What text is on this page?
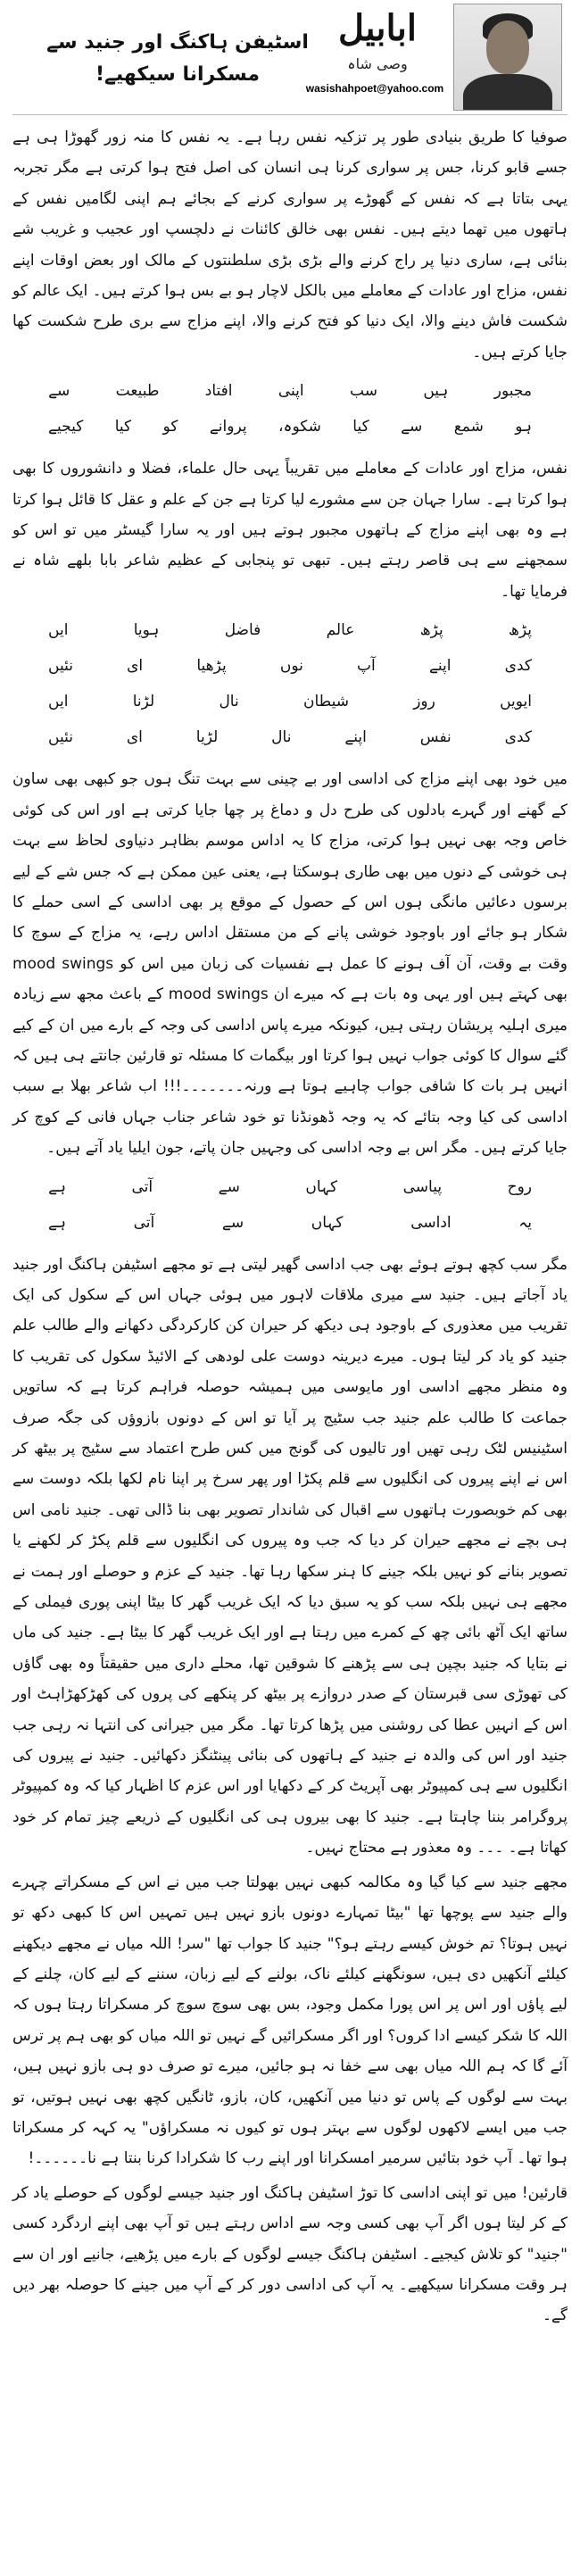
ابابیل
وصی شاہ
wasishahpoet@yahoo.com
اسٹیفن ہاکنگ اور جنید سے مسکرانا سیکھیے!

صوفیا کا طریق بنیادی طور پر تزکیہ نفس رہا ہے۔ یہ نفس کا منہ زور گھوڑا ہی ہے جسے قابو کرنا، جس پر سواری کرنا ہی انسان کی اصل فتح ہوا کرتی ہے مگر تجربہ یہی بتاتا ہے کہ نفس کے گھوڑے پر سواری کرنے کے بجائے ہم اپنی لگامیں نفس کے ہاتھوں میں تھما دیتے ہیں۔ نفس بھی خالق کائنات نے دلچسپ اور عجیب و غریب شے بنائی ہے، ساری دنیا پر راج کرنے والے بڑی بڑی سلطنتوں کے مالک اور بعض اوقات اپنے نفس، مزاج اور عادات کے معاملے میں بالکل لاچار ہو بے بس ہوا کرتے ہیں۔ ایک عالم کو شکست فاش دینے والا، ایک دنیا کو فتح کرنے والا، اپنے مزاج سے بری طرح شکست کھا جایا کرتے ہیں۔

مجبور
ہیں
سب
اپنی
افتاد
طبیعت
سے
ہو
شمع
سے
کیا
شکوہ،
پروانے
کو
کیا
کیجیے

نفس، مزاج اور عادات کے معاملے میں تقریباً یہی حال علماء، فضلا و دانشوروں کا بھی ہوا کرتا ہے۔ سارا جہان جن سے مشورے لیا کرتا ہے جن کے علم و عقل کا قائل ہوا کرتا ہے وہ بھی اپنے مزاج کے ہاتھوں مجبور ہوتے ہیں اور یہ سارا گیسٹر میں تو اس کو سمجھنے سے ہی قاصر رہتے ہیں۔ تبھی تو پنجابی کے عظیم شاعر بابا بلھے شاہ نے فرمایا تھا۔

پڑھ
پڑھ
عالم
فاضل
ہویا
ایں
کدی
اپنے
آپ
نوں
پڑھیا
ای
نئیں
ایویں
روز
شیطان
نال
لڑنا
ایں
کدی
نفس
اپنے
نال
لڑیا
ای
نئیں

میں خود بھی اپنے مزاج کی اداسی اور بے چینی سے بہت تنگ ہوں جو کبھی بھی ساون کے گھنے اور گہرے بادلوں کی طرح دل و دماغ پر چھا جایا کرتی ہے اور اس کی کوئی خاص وجہ بھی نہیں ہوا کرتی، مزاج کا یہ اداس موسم بظاہر دنیاوی لحاظ سے بہت ہی خوشی کے دنوں میں بھی طاری ہوسکتا ہے، یعنی عین ممکن ہے کہ جس شے کے لیے برسوں دعائیں مانگی ہوں اس کے حصول کے موقع پر بھی اداسی کے اسی حملے کا شکار ہو جائے اور باوجود خوشی پانے کے من مستقل اداس رہے، یہ مزاج کے سوچ کا وقت بے وقت، آن آف ہونے کا عمل ہے نفسیات کی زبان میں اس کو mood swings بھی کہتے ہیں اور یہی وہ بات ہے کہ میرے ان mood swings کے باعث مجھ سے زیادہ میری اہلیہ پریشان رہتی ہیں، کیونکہ میرے پاس اداسی کی وجہ کے بارے میں ان کے کیے گئے سوال کا کوئی جواب نہیں ہوا کرتا اور بیگمات کا مسئلہ تو قارئین جانتے ہی ہیں کہ انہیں ہر بات کا شافی جواب چاہیے ہوتا ہے ورنہ۔۔۔۔۔۔۔!!! اب شاعر بھلا بے سبب اداسی کی کیا وجہ بتائے کہ یہ وجہ ڈھونڈنا تو خود شاعر جناب جہاں فانی کے کوچ کر جایا کرتے ہیں۔ مگر اس بے وجہ اداسی کی وجہیں جان پاتے، جون ایلیا یاد آتے ہیں۔

روح
پیاسی
کہاں
سے
آتی
ہے
یہ
اداسی
کہاں
سے
آتی
ہے

مگر سب کچھ ہوتے ہوئے بھی جب اداسی گھیر لیتی ہے تو مجھے اسٹیفن ہاکنگ اور جنید یاد آجاتے ہیں۔ جنید سے میری ملاقات لاہور میں ہوئی جہاں اس کے سکول کی ایک تقریب میں معذوری کے باوجود ہی دیکھ کر حیران کن کارکردگی دکھانے والے طالب علم جنید کو یاد کر لیتا ہوں۔ میرے دیرینہ دوست علی لودھی کے الائیڈ سکول کی تقریب کا وہ منظر مجھے اداسی اور مایوسی میں ہمیشہ حوصلہ فراہم کرتا ہے کہ ساتویں جماعت کا طالب علم جنید جب سٹیج پر آیا تو اس کے دونوں بازوؤں کی جگہ صرف اسٹینیس لٹک رہی تھیں اور تالیوں کی گونج میں کس طرح اعتماد سے سٹیج پر بیٹھ کر اس نے اپنے پیروں کی انگلیوں سے قلم پکڑا اور پھر سرخ پر اپنا نام لکھا بلکہ دوست سے بھی کم خوبصورت ہاتھوں سے اقبال کی شاندار تصویر بھی بنا ڈالی تھی۔ جنید نامی اس ہی بچے نے مجھے حیران کر دیا کہ جب وہ پیروں کی انگلیوں سے قلم پکڑ کر لکھنے یا تصویر بنانے کو نہیں بلکہ جینے کا ہنر سکھا رہا تھا۔ جنید کے عزم و حوصلے اور ہمت نے مجھے ہی نہیں بلکہ سب کو یہ سبق دیا کہ ایک غریب گھر کا بیٹا اپنی پوری فیملی کے ساتھ ایک آٹھ بائی چھ کے کمرے میں رہتا ہے اور ایک غریب گھر کا بیٹا ہے۔ جنید کی ماں نے بتایا کہ جنید بچپن ہی سے پڑھنے کا شوقین تھا، محلے داری میں حقیقتاً وہ بھی گاؤں کی تھوڑی سی قبرستان کے صدر دروازے پر بیٹھ کر پنکھے کی پروں کی کھڑکھڑاہٹ اور اس کے انہیں عطا کی روشنی میں پڑھا کرتا تھا۔ مگر میں جیرانی کی انتہا نہ رہی جب جنید اور اس کی والدہ نے جنید کے ہاتھوں کی بنائی پینٹنگز دکھائیں۔ جنید نے پیروں کی انگلیوں سے ہی کمپیوٹر بھی آپریٹ کر کے دکھایا اور اس عزم کا اظہار کیا کہ وہ کمپیوٹر پروگرامر بننا چاہتا ہے۔ جنید کا بھی بیروں ہی کی انگلیوں کے ذریعے چیز تمام کر خود کھاتا ہے۔ ۔۔۔ وہ معذور ہے محتاج نہیں۔

مجھے جنید سے کیا گیا وہ مکالمہ کبھی نہیں بھولتا جب میں نے اس کے مسکراتے چہرے والے جنید سے پوچھا تھا "بیٹا تمہارے دونوں بازو نہیں ہیں تمہیں اس کا کبھی دکھ تو نہیں ہوتا؟ تم خوش کیسے رہتے ہو؟" جنید کا جواب تھا "سر! اللہ میاں نے مجھے دیکھنے کیلئے آنکھیں دی ہیں، سونگھنے کیلئے ناک، بولنے کے لیے زبان، سننے کے لیے کان، چلنے کے لیے پاؤں اور اس پر اس پورا مکمل وجود، بس بھی سوچ سوچ کر مسکراتا رہتا ہوں کہ اللہ کا شکر کیسے ادا کروں؟ اور اگر مسکرائیں گے نہیں تو اللہ میاں کو بھی ہم پر ترس آئے گا کہ ہم اللہ میاں بھی سے خفا نہ ہو جائیں، میرے تو صرف دو ہی بازو نہیں ہیں، بہت سے لوگوں کے پاس تو دنیا میں آنکھیں، کان، بازو، ٹانگیں کچھ بھی نہیں ہوتیں، تو جب میں ایسے لاکھوں لوگوں سے بہتر ہوں تو کیوں نہ مسکراؤں" یہ کہہ کر مسکراتا ہوا تھا۔ آپ خود بتائیں سرمیر امسکرانا اور اپنے رب کا شکرادا کرنا بنتا ہے نا۔۔۔۔۔۔!

قارئین! میں تو اپنی اداسی کا توڑ اسٹیفن ہاکنگ اور جنید جیسے لوگوں کے حوصلے یاد کر کے کر لیتا ہوں اگر آپ بھی کسی وجہ سے اداس رہتے ہیں تو آپ بھی اپنے اردگرد کسی "جنید" کو تلاش کیجیے۔ اسٹیفن ہاکنگ جیسے لوگوں کے بارے میں پڑھیے، جانیے اور ان سے ہر وقت مسکرانا سیکھیے۔ یہ آپ کی اداسی دور کر کے آپ میں جینے کا حوصلہ بھر دیں گے۔
